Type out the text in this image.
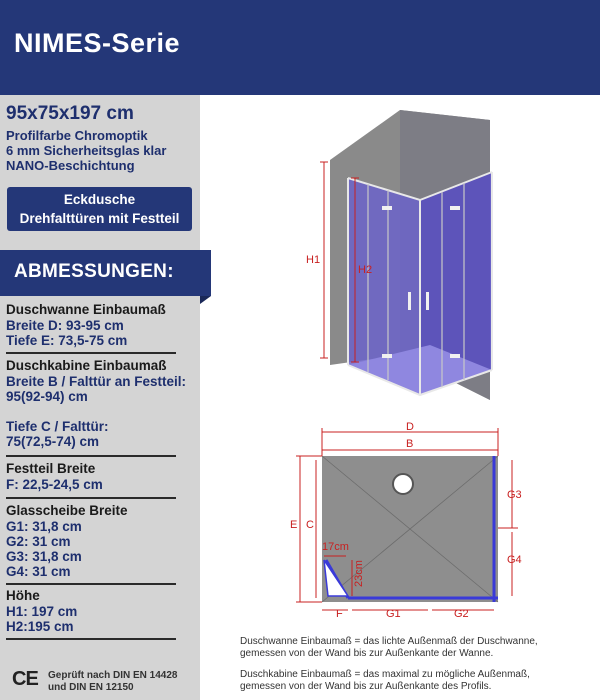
NIMES-Serie
95x75x197 cm
Profilfarbe Chromoptik
6 mm Sicherheitsglas klar
NANO-Beschichtung
Eckdusche
Drehfalttüren mit Festteil
ABMESSUNGEN:
Duschwanne Einbaumaß
Breite D: 93-95 cm
Tiefe E: 73,5-75 cm
Duschkabine Einbaumaß
Breite B / Falttür an Festteil:
95(92-94) cm
Tiefe C / Falttür:
75(72,5-74) cm
Festteil Breite
F: 22,5-24,5 cm
Glasscheibe Breite
G1: 31,8 cm
G2: 31 cm
G3: 31,8 cm
G4: 31 cm
Höhe
H1: 197 cm
H2:195 cm
CE Geprüft nach DIN EN 14428
und DIN EN 12150
H1
H2
D
B
E C
G3
G4
F	G1	G2
17cm
23cm
Duschwanne Einbaumaß = das lichte Außenmaß der Duschwanne,
gemessen von der Wand bis zur Außenkante der Wanne.
Duschkabine Einbaumaß = das maximal zu mögliche Außenmaß,
gemessen von der Wand bis zur Außenkante des Profils.
